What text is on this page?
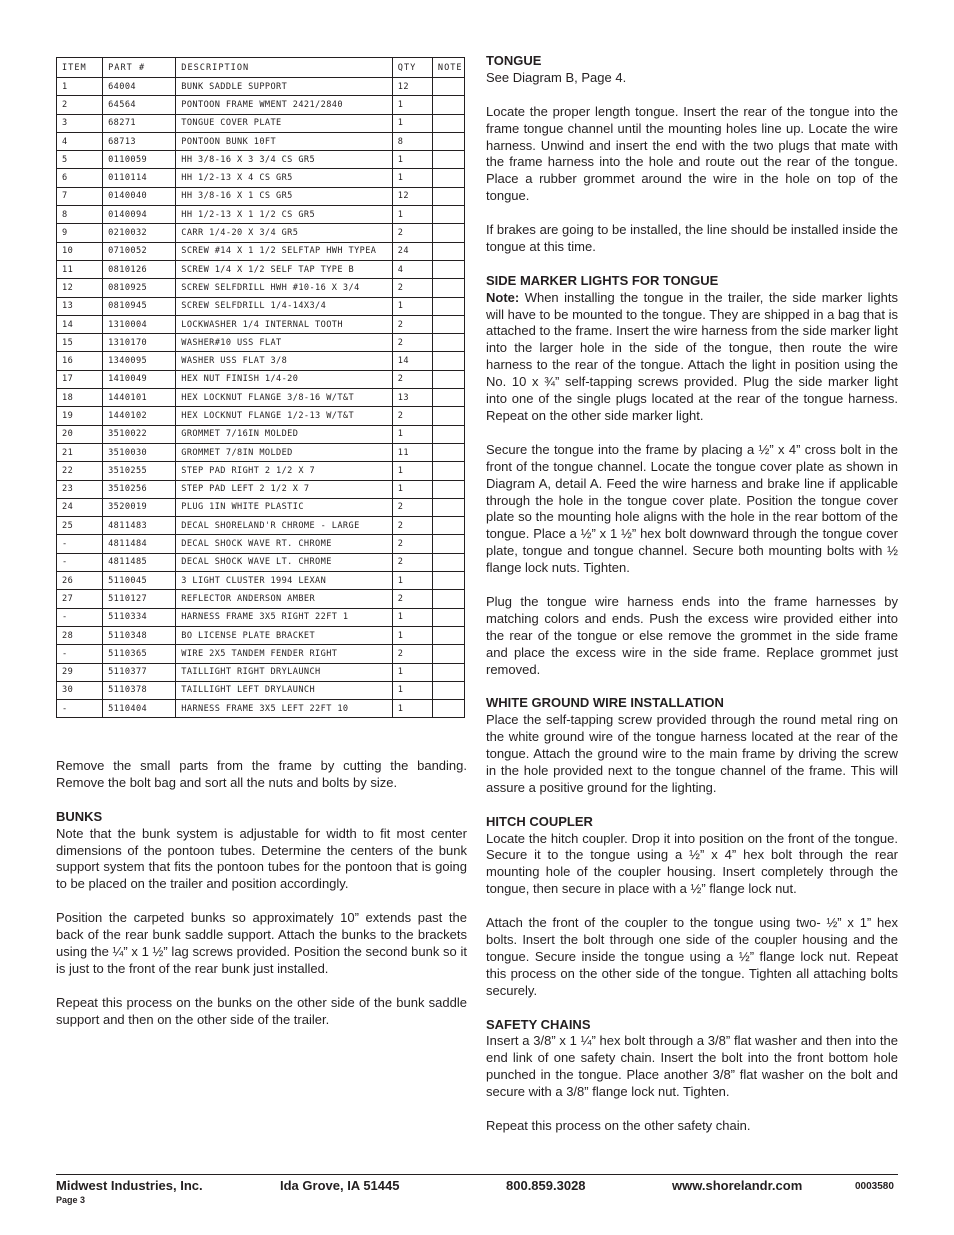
ITEM	PART #	DESCRIPTION	QTY	NOTE
1	64004	BUNK SADDLE SUPPORT	12	
2	64564	PONTOON FRAME WMENT 2421/2840	1	
3	68271	TONGUE COVER PLATE	1	
4	68713	PONTOON BUNK 10FT	8	
5	0110059	HH 3/8-16 X 3 3/4 CS GR5	1	
6	0110114	HH 1/2-13 X 4 CS GR5	1	
7	0140040	HH 3/8-16 X 1 CS GR5	12	
8	0140094	HH 1/2-13 X 1 1/2 CS GR5	1	
9	0210032	CARR 1/4-20 X 3/4 GR5	2	
10	0710052	SCREW #14 X 1 1/2 SELFTAP HWH TYPEA	24	
11	0810126	SCREW 1/4 X 1/2 SELF TAP TYPE B	4	
12	0810925	SCREW SELFDRILL HWH #10-16 X 3/4	2	
13	0810945	SCREW SELFDRILL 1/4-14X3/4	1	
14	1310004	LOCKWASHER 1/4 INTERNAL TOOTH	2	
15	1310170	WASHER#10 USS FLAT	2	
16	1340095	WASHER USS FLAT 3/8	14	
17	1410049	HEX NUT FINISH 1/4-20	2	
18	1440101	HEX LOCKNUT FLANGE 3/8-16 W/T&T	13	
19	1440102	HEX LOCKNUT FLANGE 1/2-13 W/T&T	2	
20	3510022	GROMMET 7/16IN MOLDED	1	
21	3510030	GROMMET 7/8IN MOLDED	11	
22	3510255	STEP PAD RIGHT 2 1/2 X 7	1	
23	3510256	STEP PAD LEFT 2 1/2 X 7	1	
24	3520019	PLUG 1IN WHITE PLASTIC	2	
25	4811483	DECAL SHORELAND'R CHROME - LARGE	2	
-	4811484	DECAL SHOCK WAVE RT. CHROME	2	
-	4811485	DECAL SHOCK WAVE LT. CHROME	2	
26	5110045	3 LIGHT CLUSTER 1994 LEXAN	1	
27	5110127	REFLECTOR ANDERSON AMBER	2	
-	5110334	HARNESS FRAME 3X5 RIGHT 22FT 1	1	
28	5110348	BO LICENSE PLATE BRACKET	1	
-	5110365	WIRE 2X5 TANDEM FENDER RIGHT	2	
29	5110377	TAILLIGHT RIGHT DRYLAUNCH	1	
30	5110378	TAILLIGHT LEFT DRYLAUNCH	1	
-	5110404	HARNESS FRAME 3X5 LEFT 22FT 10	1	

Remove the small parts from the frame by cutting the banding. Remove the bolt bag and sort all the nuts and bolts by size.

BUNKS

Note that the bunk system is adjustable for width to fit most center dimensions of the pontoon tubes. Determine the centers of the bunk support system that fits the pontoon tubes for the pontoon that is going to be placed on the trailer and position accordingly.

Position the carpeted bunks so approximately 10” extends past the back of the rear bunk saddle support. Attach the bunks to the brackets using the ¼” x 1 ½” lag screws provided. Position the second bunk so it is just to the front of the rear bunk just installed.

Repeat this process on the bunks on the other side of the bunk saddle support and then on the other side of the trailer.

TONGUE

See Diagram B, Page 4.

Locate the proper length tongue. Insert the rear of the tongue into the frame tongue channel until the mounting holes line up. Locate the wire harness. Unwind and insert the end with the two plugs that mate with the frame harness into the hole and route out the rear of the tongue. Place a rubber grommet around the wire in the hole on top of the tongue.

If brakes are going to be installed, the line should be installed inside the tongue at this time.

SIDE MARKER LIGHTS FOR TONGUE

Note: When installing the tongue in the trailer, the side marker lights will have to be mounted to the tongue. They are shipped in a bag that is attached to the frame. Insert the wire harness from the side marker light into the larger hole in the side of the tongue, then route the wire harness to the rear of the tongue. Attach the light in position using the No. 10 x ¾” self-tapping screws provided. Plug the side marker light into one of the single plugs located at the rear of the tongue harness. Repeat on the other side marker light.

Secure the tongue into the frame by placing a ½” x 4” cross bolt in the front of the tongue channel. Locate the tongue cover plate as shown in Diagram A, detail A. Feed the wire harness and brake line if applicable through the hole in the tongue cover plate. Position the tongue cover plate so the mounting hole aligns with the hole in the rear bottom of the tongue. Place a ½” x 1 ½” hex bolt downward through the tongue cover plate, tongue and tongue channel. Secure both mounting bolts with ½ flange lock nuts. Tighten.

Plug the tongue wire harness ends into the frame harnesses by matching colors and ends. Push the excess wire provided either into the rear of the tongue or else remove the grommet in the side frame and place the excess wire in the side frame. Replace grommet just removed.

WHITE GROUND WIRE INSTALLATION

Place the self-tapping screw provided through the round metal ring on the white ground wire of the tongue harness located at the rear of the tongue. Attach the ground wire to the main frame by driving the screw in the hole provided next to the tongue channel of the frame. This will assure a positive ground for the lighting.

HITCH COUPLER

Locate the hitch coupler. Drop it into position on the front of the tongue. Secure it to the tongue using a ½” x 4” hex bolt through the rear mounting hole of the coupler housing. Insert completely through the tongue, then secure in place with a ½” flange lock nut.

Attach the front of the coupler to the tongue using two- ½” x 1” hex bolts. Insert the bolt through one side of the coupler housing and the tongue. Secure inside the tongue using a ½” flange lock nut. Repeat this process on the other side of the tongue. Tighten all attaching bolts securely.

SAFETY CHAINS

Insert a 3/8” x 1 ¼” hex bolt through a 3/8” flat washer and then into the end link of one safety chain. Insert the bolt into the front bottom hole punched in the tongue. Place another 3/8” flat washer on the bolt and secure with a 3/8” flange lock nut. Tighten.

Repeat this process on the other safety chain.

Midwest Industries, Inc.	Ida Grove, IA 51445	800.859.3028	www.shorelandr.com	0003580
Page 3
